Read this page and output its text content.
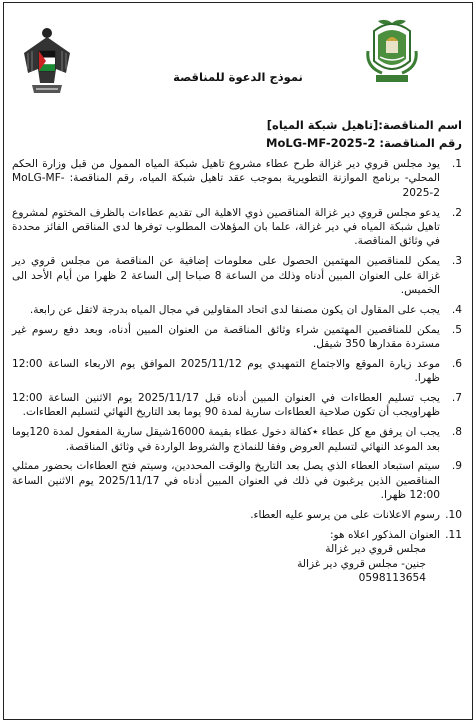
نموذج الدعوة للمناقصة
اسم المناقصة:[تاهيل شبكة المياه]
رقم المناقصة: MoLG-MF-2025-2
.1
يود مجلس قروي دير غزالة طرح عطاء مشروع تاهيل شبكة المياه الممول من قبل وزارة الحكم المحلي- برنامج الموازنة التطويرية بموجب عقد تاهيل شبكة المياه، رقم المناقصة: MoLG-MF-2025-2
.2
يدعو مجلس قروي دير غزالة المناقصين ذوي الاهلية الى تقديم عطاءات بالظرف المختوم لمشروع تاهيل شبكة المياه في دير غزالة، علما بان المؤهلات المطلوب توفرها لدى المناقص الفائز محددة في وثائق المناقصة.
.3
يمكن للمناقصين المهتمين الحصول على معلومات إضافية عن المناقصة من مجلس قروي دير غزالة على العنوان المبين أدناه وذلك من الساعة 8 صباحا إلى الساعة 2 ظهرا من أيام الأحد الى الخميس.
.4
يجب على المقاول ان يكون مصنفا لدى اتحاد المقاولين في مجال المياه بدرجة لاتقل عن رابعة.
.5
يمكن للمناقصين المهتمين شراء وثائق المناقصة من العنوان المبين أدناه، وبعد دفع رسوم غير مستردة مقدارها 350 شيقل.
.6
موعد زيارة الموقع والاجتماع التمهيدي يوم 2025/11/12 الموافق يوم الاربعاء الساعة 12:00 ظهرا.
.7
يجب تسليم العطاءات في العنوان المبين أدناه قبل 2025/11/17 يوم الاثنين الساعة 12:00 ظهراويجب أن تكون صلاحية العطاءات سارية لمدة 90 يوما بعد التاريخ النهائي لتسليم العطاءات.
.8
يجب ان يرفق مع كل عطاء ٭كفالة دخول عطاء بقيمة 16000شيقل سارية المفعول لمدة 120يوما بعد الموعد النهائي لتسليم العروض وفقا للنماذج والشروط الواردة في وثائق المناقصة.
.9
سيتم استبعاد العطاء الذي يصل بعد التاريخ والوقت المحددين، وسيتم فتح العطاءات بحضور ممثلي المناقصين الذين يرغبون في ذلك في العنوان المبين أدناه في 2025/11/17 يوم الاثنين الساعة 12:00 ظهرا.
.10
رسوم الاعلانات على من يرسو عليه العطاء.
.11
العنوان المذكور اعلاه هو:
مجلس قروي دير غزالة
جنين- مجلس قروي دير غزالة
0598113654
